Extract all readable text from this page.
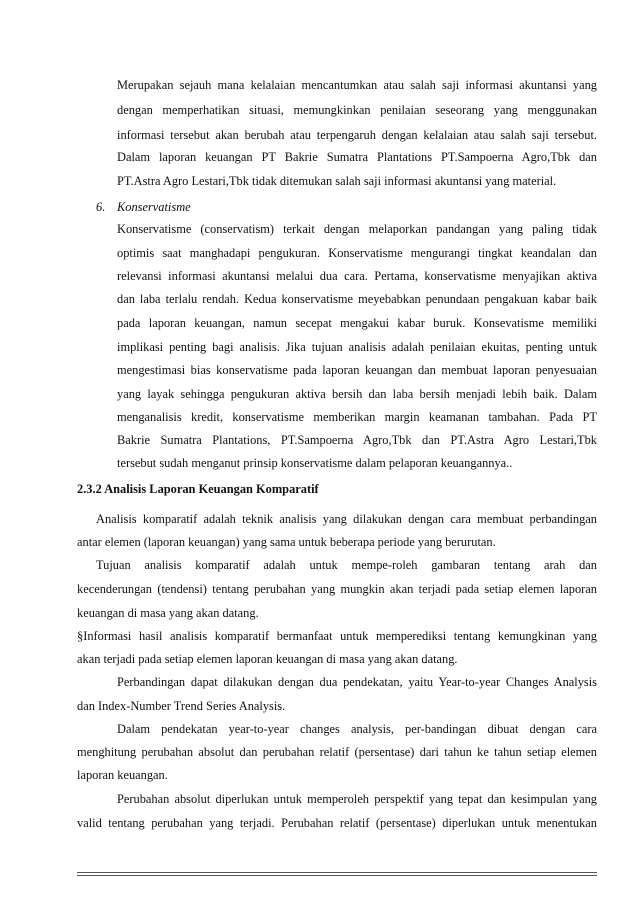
Merupakan sejauh mana kelalaian mencantumkan atau salah saji informasi akuntansi yang
dengan memperhatikan situasi, memungkinkan penilaian seseorang yang menggunakan
informasi tersebut akan berubah atau terpengaruh dengan kelalaian atau salah saji tersebut.
Dalam laporan keuangan PT Bakrie Sumatra Plantations PT.Sampoerna Agro,Tbk dan
PT.Astra Agro Lestari,Tbk tidak ditemukan salah saji informasi akuntansi yang material.
6. Konservatisme
Konservatisme (conservatism) terkait dengan melaporkan pandangan yang paling tidak
optimis saat manghadapi pengukuran. Konservatisme mengurangi tingkat keandalan dan
relevansi informasi akuntansi melalui dua cara. Pertama, konservatisme menyajikan aktiva
dan laba terlalu rendah. Kedua konservatisme meyebabkan penundaan pengakuan kabar baik
pada laporan keuangan, namun secepat mengakui kabar buruk. Konsevatisme memiliki
implikasi penting bagi analisis. Jika tujuan analisis adalah penilaian ekuitas, penting untuk
mengestimasi bias konservatisme pada laporan keuangan dan membuat laporan penyesuaian
yang layak sehingga pengukuran aktiva bersih dan laba bersih menjadi lebih baik. Dalam
menganalisis kredit, konservatisme memberikan margin keamanan tambahan. Pada PT
Bakrie Sumatra Plantations, PT.Sampoerna Agro,Tbk dan PT.Astra Agro Lestari,Tbk
tersebut sudah menganut prinsip konservatisme dalam pelaporan keuangannya..
2.3.2 Analisis Laporan Keuangan Komparatif
Analisis komparatif adalah teknik analisis yang dilakukan dengan cara membuat perbandingan
antar elemen (laporan keuangan) yang sama untuk beberapa periode yang berurutan.
Tujuan analisis komparatif adalah untuk mempe-roleh gambaran tentang arah dan
kecenderungan (tendensi) tentang perubahan yang mungkin akan terjadi pada setiap elemen laporan
keuangan di masa yang akan datang.
§Informasi hasil analisis komparatif bermanfaat untuk memperediksi tentang kemungkinan yang
akan terjadi pada setiap elemen laporan keuangan di masa yang akan datang.
Perbandingan dapat dilakukan dengan dua pendekatan, yaitu Year-to-year Changes Analysis
dan Index-Number Trend Series Analysis.
Dalam pendekatan year-to-year changes analysis, per-bandingan dibuat dengan cara
menghitung perubahan absolut dan perubahan relatif (persentase) dari tahun ke tahun setiap elemen
laporan keuangan.
Perubahan absolut diperlukan untuk memperoleh perspektif yang tepat dan kesimpulan yang
valid tentang perubahan yang terjadi. Perubahan relatif (persentase) diperlukan untuk menentukan
